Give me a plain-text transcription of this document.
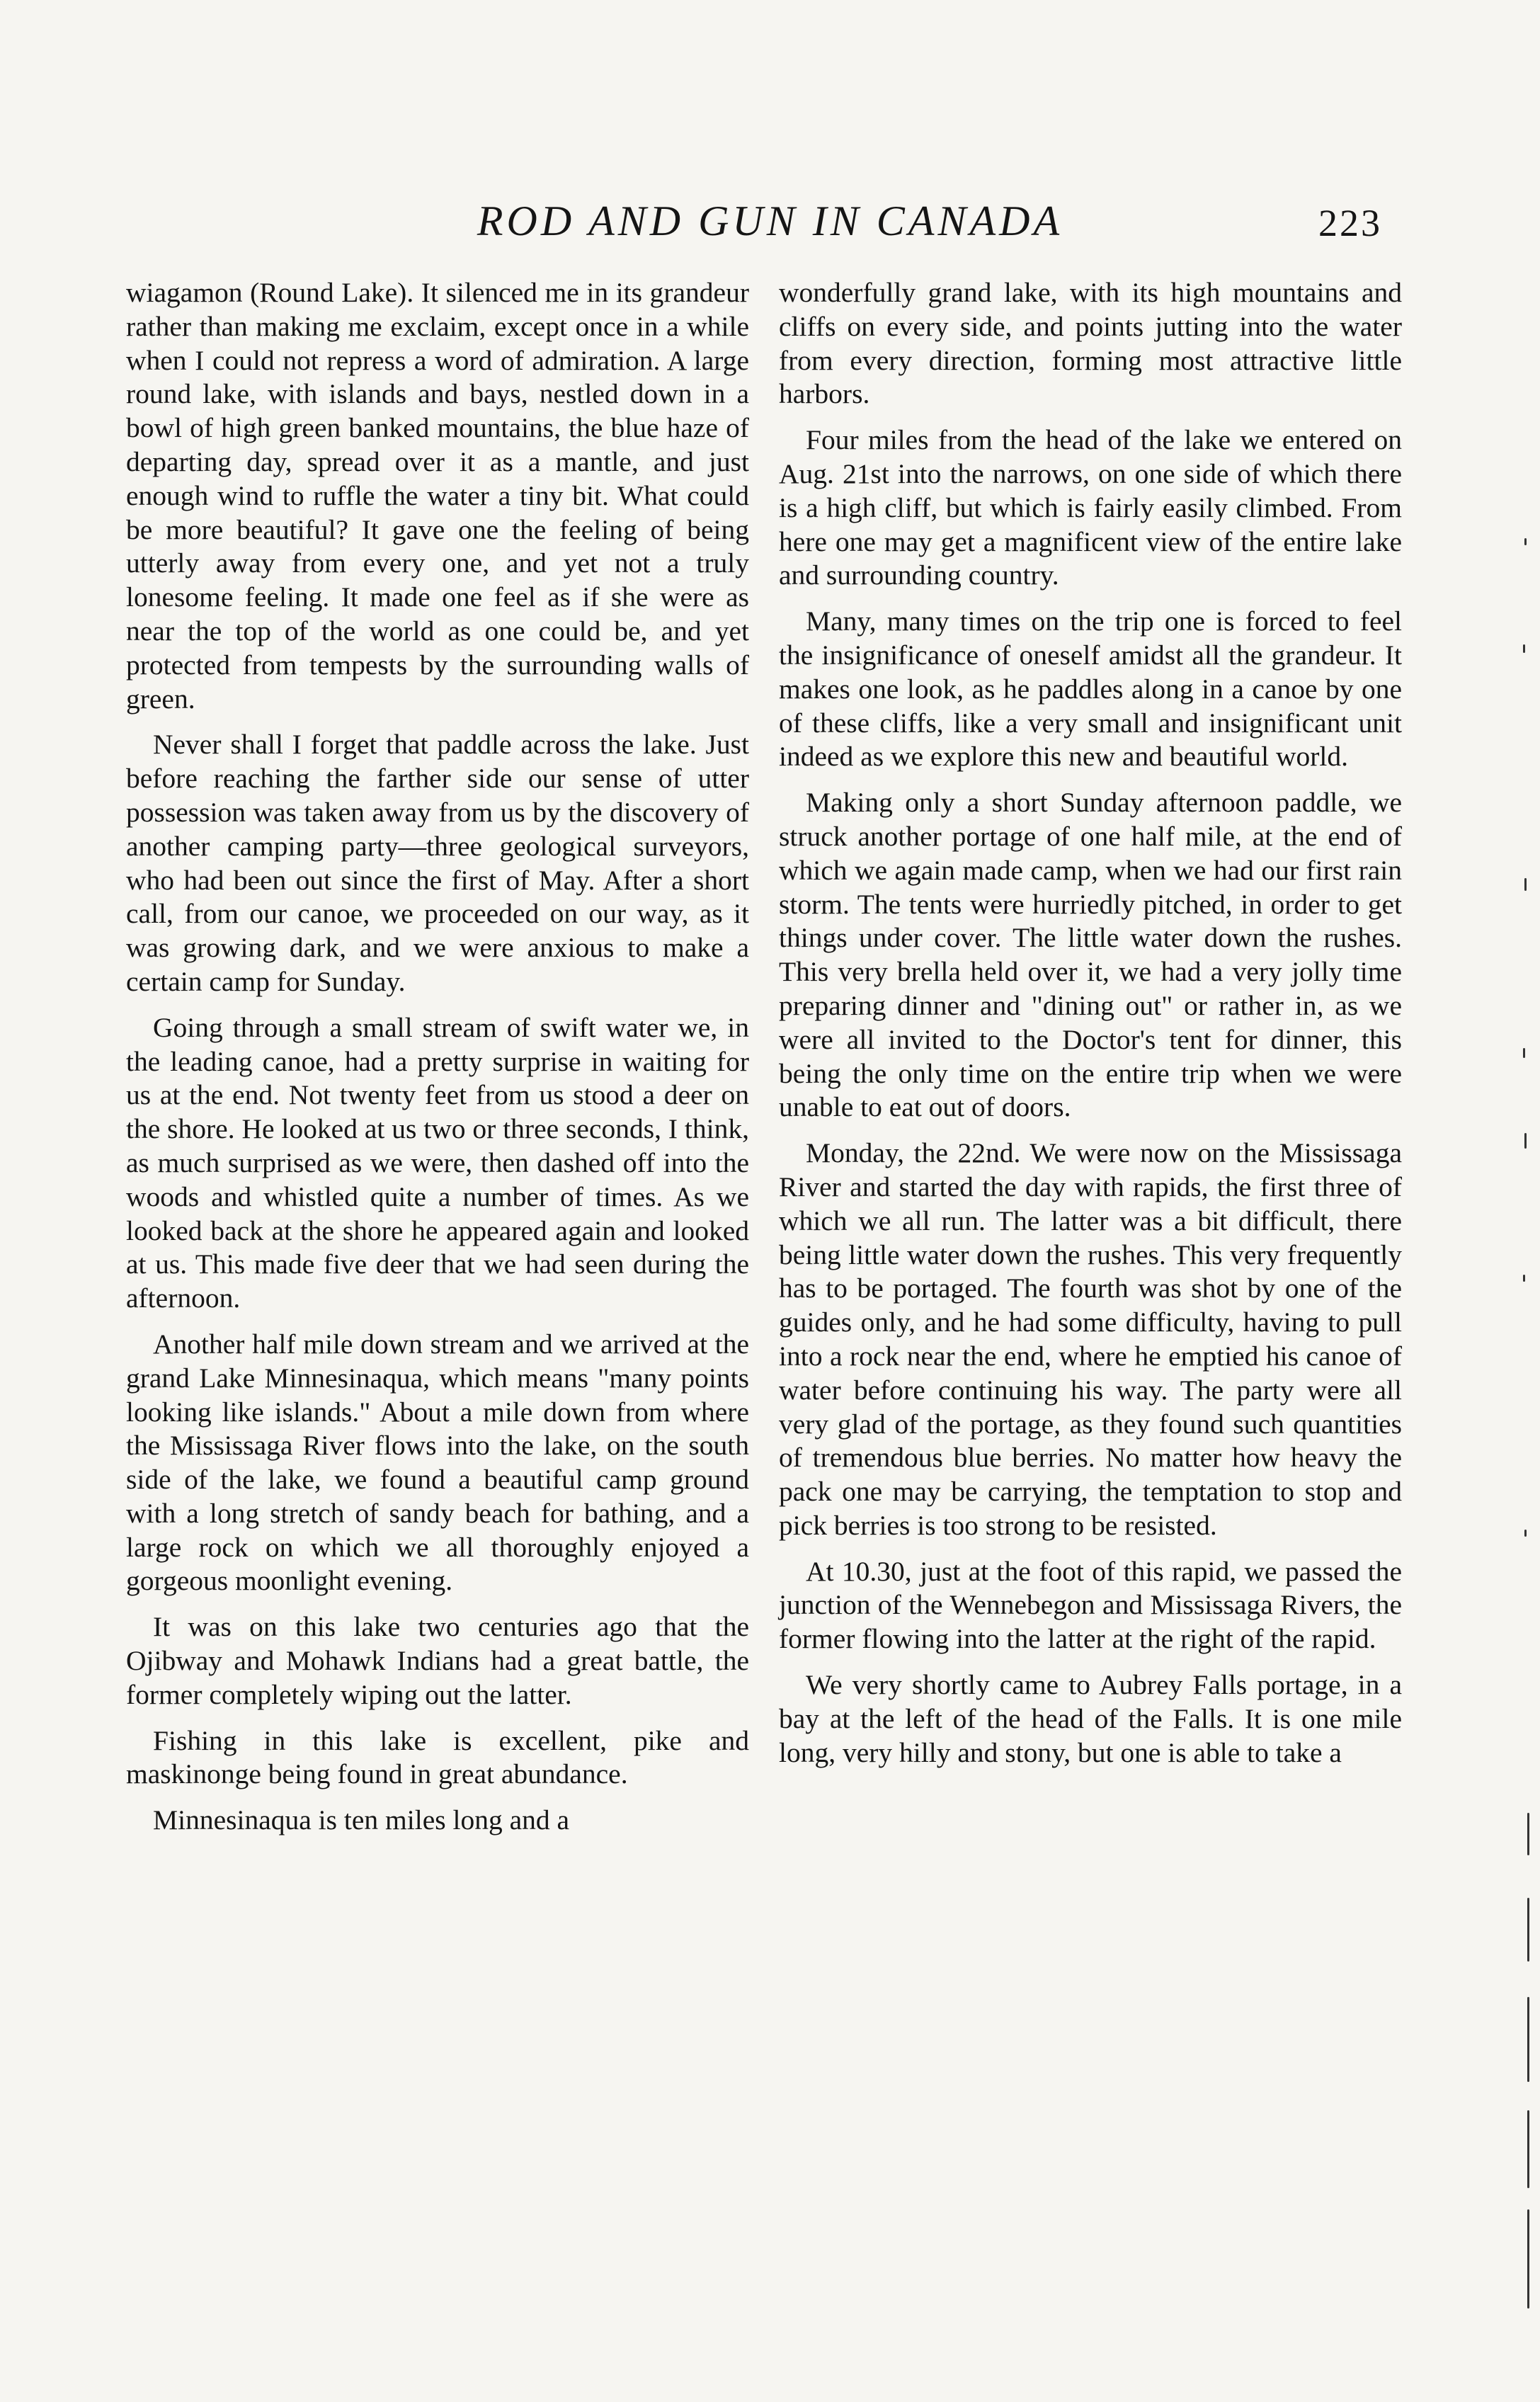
ROD AND GUN IN CANADA	223

wiagamon (Round Lake). It silenced me in its grandeur rather than making me exclaim, except once in a while when I could not repress a word of admiration. A large round lake, with islands and bays, nestled down in a bowl of high green banked mountains, the blue haze of departing day, spread over it as a mantle, and just enough wind to ruffle the water a tiny bit. What could be more beautiful? It gave one the feeling of being utterly away from every one, and yet not a truly lonesome feeling. It made one feel as if she were as near the top of the world as one could be, and yet protected from tempests by the surrounding walls of green.

Never shall I forget that paddle across the lake. Just before reaching the farther side our sense of utter possession was taken away from us by the discovery of another camping party—three geological surveyors, who had been out since the first of May. After a short call, from our canoe, we proceeded on our way, as it was growing dark, and we were anxious to make a certain camp for Sunday.

Going through a small stream of swift water we, in the leading canoe, had a pretty surprise in waiting for us at the end. Not twenty feet from us stood a deer on the shore. He looked at us two or three seconds, I think, as much surprised as we were, then dashed off into the woods and whistled quite a number of times. As we looked back at the shore he appeared again and looked at us. This made five deer that we had seen during the afternoon.

Another half mile down stream and we arrived at the grand Lake Minnesinaqua, which means "many points looking like islands." About a mile down from where the Mississaga River flows into the lake, on the south side of the lake, we found a beautiful camp ground with a long stretch of sandy beach for bathing, and a large rock on which we all thoroughly enjoyed a gorgeous moonlight evening.

It was on this lake two centuries ago that the Ojibway and Mohawk Indians had a great battle, the former completely wiping out the latter.

Fishing in this lake is excellent, pike and maskinonge being found in great abundance.

Minnesinaqua is ten miles long and a

wonderfully grand lake, with its high mountains and cliffs on every side, and points jutting into the water from every direction, forming most attractive little harbors.

Four miles from the head of the lake we entered on Aug. 21st into the narrows, on one side of which there is a high cliff, but which is fairly easily climbed. From here one may get a magnificent view of the entire lake and surrounding country.

Many, many times on the trip one is forced to feel the insignificance of oneself amidst all the grandeur. It makes one look, as he paddles along in a canoe by one of these cliffs, like a very small and insignificant unit indeed as we explore this new and beautiful world.

Making only a short Sunday afternoon paddle, we struck another portage of one half mile, at the end of which we again made camp, when we had our first rain storm. The tents were hurriedly pitched, in order to get things under cover. The little water down the rushes. This very brella held over it, we had a very jolly time preparing dinner and "dining out" or rather in, as we were all invited to the Doctor's tent for dinner, this being the only time on the entire trip when we were unable to eat out of doors.

Monday, the 22nd. We were now on the Mississaga River and started the day with rapids, the first three of which we all run. The latter was a bit difficult, there being little water down the rushes. This very frequently has to be portaged. The fourth was shot by one of the guides only, and he had some difficulty, having to pull into a rock near the end, where he emptied his canoe of water before continuing his way. The party were all very glad of the portage, as they found such quantities of tremendous blue berries. No matter how heavy the pack one may be carrying, the temptation to stop and pick berries is too strong to be resisted.

At 10.30, just at the foot of this rapid, we passed the junction of the Wennebegon and Mississaga Rivers, the former flowing into the latter at the right of the rapid.

We very shortly came to Aubrey Falls portage, in a bay at the left of the head of the Falls. It is one mile long, very hilly and stony, but one is able to take a
